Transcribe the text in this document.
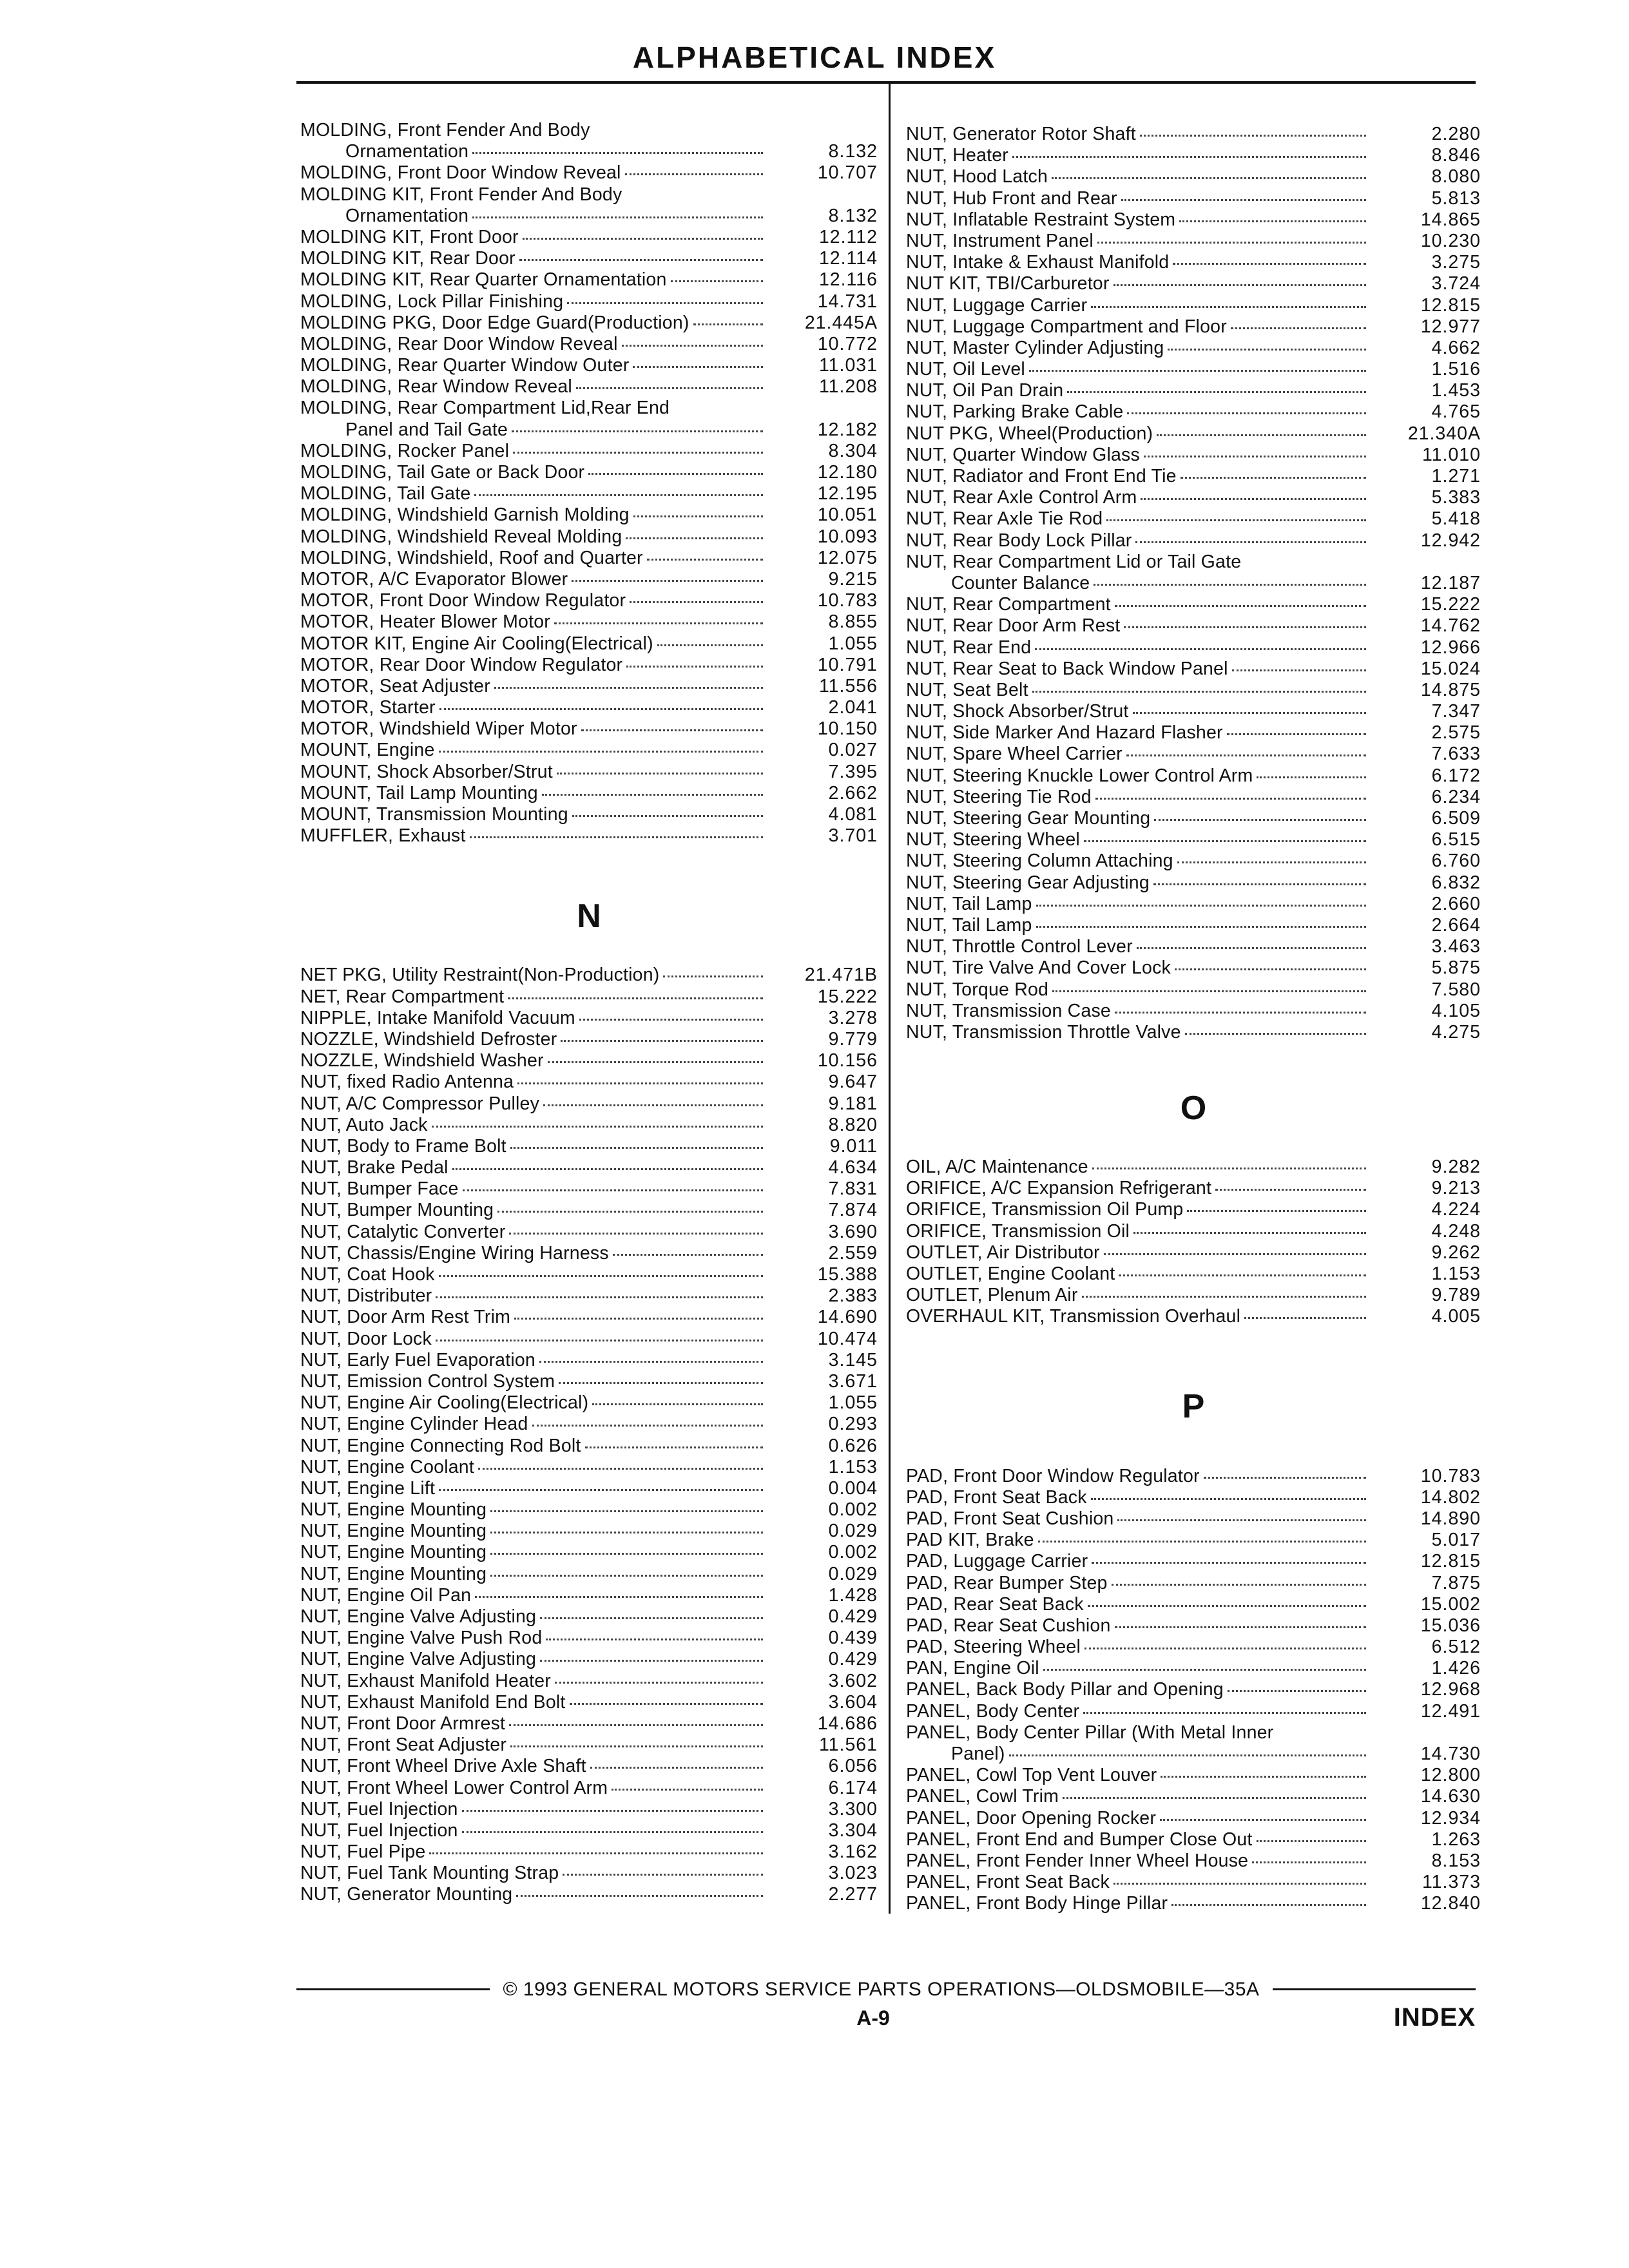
ALPHABETICAL INDEX
MOLDING, Front Fender And Body
Ornamentation	8.132
MOLDING, Front Door Window Reveal	10.707
MOLDING KIT, Front Fender And Body
Ornamentation	8.132
MOLDING KIT, Front Door	12.112
MOLDING KIT, Rear Door	12.114
MOLDING KIT, Rear Quarter Ornamentation	12.116
MOLDING, Lock Pillar Finishing	14.731
MOLDING PKG, Door Edge Guard(Production)	21.445A
MOLDING, Rear Door Window Reveal	10.772
MOLDING, Rear Quarter Window Outer	11.031
MOLDING, Rear Window Reveal	11.208
MOLDING, Rear Compartment Lid,Rear End
Panel and Tail Gate	12.182
MOLDING, Rocker Panel	8.304
MOLDING, Tail Gate or Back Door	12.180
MOLDING, Tail Gate	12.195
MOLDING, Windshield Garnish Molding	10.051
MOLDING, Windshield Reveal Molding	10.093
MOLDING, Windshield, Roof and Quarter	12.075
MOTOR, A/C Evaporator Blower	9.215
MOTOR, Front Door Window Regulator	10.783
MOTOR, Heater Blower Motor	8.855
MOTOR KIT, Engine Air Cooling(Electrical)	1.055
MOTOR, Rear Door Window Regulator	10.791
MOTOR, Seat Adjuster	11.556
MOTOR, Starter	2.041
MOTOR, Windshield Wiper Motor	10.150
MOUNT, Engine	0.027
MOUNT, Shock Absorber/Strut	7.395
MOUNT, Tail Lamp Mounting	2.662
MOUNT, Transmission Mounting	4.081
MUFFLER, Exhaust	3.701
N
NET PKG, Utility Restraint(Non-Production)	21.471B
NET, Rear Compartment	15.222
NIPPLE, Intake Manifold Vacuum	3.278
NOZZLE, Windshield Defroster	9.779
NOZZLE, Windshield Washer	10.156
NUT, fixed Radio Antenna	9.647
NUT, A/C Compressor Pulley	9.181
NUT, Auto Jack	8.820
NUT, Body to Frame Bolt	9.011
NUT, Brake Pedal	4.634
NUT, Bumper Face	7.831
NUT, Bumper Mounting	7.874
NUT, Catalytic Converter	3.690
NUT, Chassis/Engine Wiring Harness	2.559
NUT, Coat Hook	15.388
NUT, Distributer	2.383
NUT, Door Arm Rest Trim	14.690
NUT, Door Lock	10.474
NUT, Early Fuel Evaporation	3.145
NUT, Emission Control System	3.671
NUT, Engine Air Cooling(Electrical)	1.055
NUT, Engine Cylinder Head	0.293
NUT, Engine Connecting Rod Bolt	0.626
NUT, Engine Coolant	1.153
NUT, Engine Lift	0.004
NUT, Engine Mounting	0.002
NUT, Engine Mounting	0.029
NUT, Engine Mounting	0.002
NUT, Engine Mounting	0.029
NUT, Engine Oil Pan	1.428
NUT, Engine Valve Adjusting	0.429
NUT, Engine Valve Push Rod	0.439
NUT, Engine Valve Adjusting	0.429
NUT, Exhaust Manifold Heater	3.602
NUT, Exhaust Manifold End Bolt	3.604
NUT, Front Door Armrest	14.686
NUT, Front Seat Adjuster	11.561
NUT, Front Wheel Drive Axle Shaft	6.056
NUT, Front Wheel Lower Control Arm	6.174
NUT, Fuel Injection	3.300
NUT, Fuel Injection	3.304
NUT, Fuel Pipe	3.162
NUT, Fuel Tank Mounting Strap	3.023
NUT, Generator Mounting	2.277
NUT, Generator Rotor Shaft	2.280
NUT, Heater	8.846
NUT, Hood Latch	8.080
NUT, Hub Front and Rear	5.813
NUT, Inflatable Restraint System	14.865
NUT, Instrument Panel	10.230
NUT, Intake & Exhaust Manifold	3.275
NUT KIT, TBI/Carburetor	3.724
NUT, Luggage Carrier	12.815
NUT, Luggage Compartment and Floor	12.977
NUT, Master Cylinder Adjusting	4.662
NUT, Oil Level	1.516
NUT, Oil Pan Drain	1.453
NUT, Parking Brake Cable	4.765
NUT PKG, Wheel(Production)	21.340A
NUT, Quarter Window Glass	11.010
NUT, Radiator and Front End Tie	1.271
NUT, Rear Axle Control Arm	5.383
NUT, Rear Axle Tie Rod	5.418
NUT, Rear Body Lock Pillar	12.942
NUT, Rear Compartment Lid or Tail Gate
Counter Balance	12.187
NUT, Rear Compartment	15.222
NUT, Rear Door Arm Rest	14.762
NUT, Rear End	12.966
NUT, Rear Seat to Back Window Panel	15.024
NUT, Seat Belt	14.875
NUT, Shock Absorber/Strut	7.347
NUT, Side Marker And Hazard Flasher	2.575
NUT, Spare Wheel Carrier	7.633
NUT, Steering Knuckle Lower Control Arm	6.172
NUT, Steering Tie Rod	6.234
NUT, Steering Gear Mounting	6.509
NUT, Steering Wheel	6.515
NUT, Steering Column Attaching	6.760
NUT, Steering Gear Adjusting	6.832
NUT, Tail Lamp	2.660
NUT, Tail Lamp	2.664
NUT, Throttle Control Lever	3.463
NUT, Tire Valve And Cover Lock	5.875
NUT, Torque Rod	7.580
NUT, Transmission Case	4.105
NUT, Transmission Throttle Valve	4.275
O
OIL, A/C Maintenance	9.282
ORIFICE, A/C Expansion Refrigerant	9.213
ORIFICE, Transmission Oil Pump	4.224
ORIFICE, Transmission Oil	4.248
OUTLET, Air Distributor	9.262
OUTLET, Engine Coolant	1.153
OUTLET, Plenum Air	9.789
OVERHAUL KIT, Transmission Overhaul	4.005
P
PAD, Front Door Window Regulator	10.783
PAD, Front Seat Back	14.802
PAD, Front Seat Cushion	14.890
PAD KIT, Brake	5.017
PAD, Luggage Carrier	12.815
PAD, Rear Bumper Step	7.875
PAD, Rear Seat Back	15.002
PAD, Rear Seat Cushion	15.036
PAD, Steering Wheel	6.512
PAN, Engine Oil	1.426
PANEL, Back Body Pillar and Opening	12.968
PANEL, Body Center	12.491
PANEL, Body Center Pillar (With Metal Inner
Panel)	14.730
PANEL, Cowl Top Vent Louver	12.800
PANEL, Cowl Trim	14.630
PANEL, Door Opening Rocker	12.934
PANEL, Front End and Bumper Close Out	1.263
PANEL, Front Fender Inner Wheel House	8.153
PANEL, Front Seat Back	11.373
PANEL, Front Body Hinge Pillar	12.840
© 1993 GENERAL MOTORS SERVICE PARTS OPERATIONS—OLDSMOBILE—35A
A-9	INDEX
